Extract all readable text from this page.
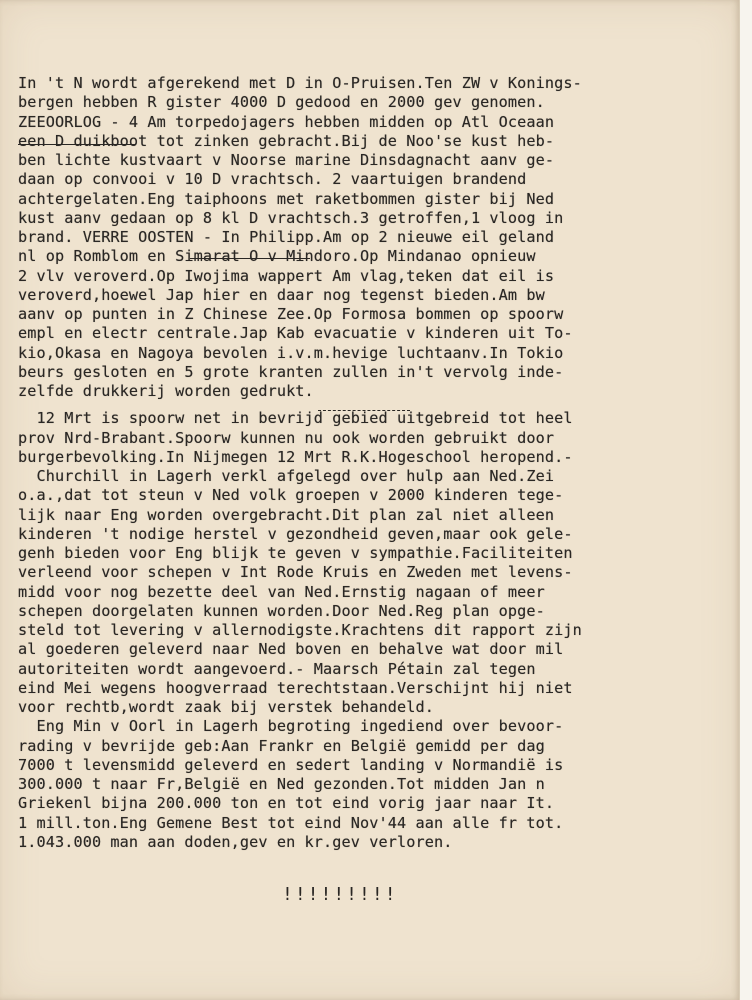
In 't N wordt afgerekend met D in O-Pruisen.Ten ZW v Konings-
bergen hebben R gister 4000 D gedood en 2000 gev genomen.
ZEEOORLOG - 4 Am torpedojagers hebben midden op Atl Oceaan
een D duikboot tot zinken gebracht.Bij de Noo'se kust heb-
ben lichte kustvaart v Noorse marine Dinsdagnacht aanv ge-
daan op convooi v 10 D vrachtsch. 2 vaartuigen brandend
achtergelaten.Eng taiphoons met raketbommen gister bij Ned
kust aanv gedaan op 8 kl D vrachtsch.3 getroffen,1 vloog in
brand. VERRE OOSTEN - In Philipp.Am op 2 nieuwe eil geland
nl op Romblom en Simarat O v Mindoro.Op Mindanao opnieuw
2 vlv veroverd.Op Iwojima wappert Am vlag,teken dat eil is
veroverd,hoewel Jap hier en daar nog tegenst bieden.Am bw
aanv op punten in Z Chinese Zee.Op Formosa bommen op spoorw
empl en electr centrale.Jap Kab evacuatie v kinderen uit To-
kio,Okasa en Nagoya bevolen i.v.m.hevige luchtaanv.In Tokio
beurs gesloten en 5 grote kranten zullen in't vervolg inde-
zelfde drukkerij worden gedrukt.
12 Mrt is spoorw net in bevrijd gebied uitgebreid tot heel
prov Nrd-Brabant.Spoorw kunnen nu ook worden gebruikt door
burgerbevolking.In Nijmegen 12 Mrt R.K.Hogeschool heropend.-
Churchill in Lagerh verkl afgelegd over hulp aan Ned.Zei
o.a.,dat tot steun v Ned volk groepen v 2000 kinderen tege-
lijk naar Eng worden overgebracht.Dit plan zal niet alleen
kinderen 't nodige herstel v gezondheid geven,maar ook gele-
genh bieden voor Eng blijk te geven v sympathie.Faciliteiten
verleend voor schepen v Int Rode Kruis en Zweden met levens-
midd voor nog bezette deel van Ned.Ernstig nagaan of meer
schepen doorgelaten kunnen worden.Door Ned.Reg plan opge-
steld tot levering v allernodigste.Krachtens dit rapport zijn
al goederen geleverd naar Ned boven en behalve wat door mil
autoriteiten wordt aangevoerd.- Maarsch Pétain zal tegen
eind Mei wegens hoogverraad terechtstaan.Verschijnt hij niet
voor rechtb,wordt zaak bij verstek behandeld.
Eng Min v Oorl in Lagerh begroting ingediend over bevoor-
rading v bevrijde geb:Aan Frankr en België gemidd per dag
7000 t levensmidd geleverd en sedert landing v Normandië is
300.000 t naar Fr,België en Ned gezonden.Tot midden Jan n
Griekenl bijna 200.000 ton en tot eind vorig jaar naar It.
1 mill.ton.Eng Gemene Best tot eind Nov'44 aan alle fr tot.
1.043.000 man aan doden,gev en kr.gev verloren.
!!!!!!!!!
